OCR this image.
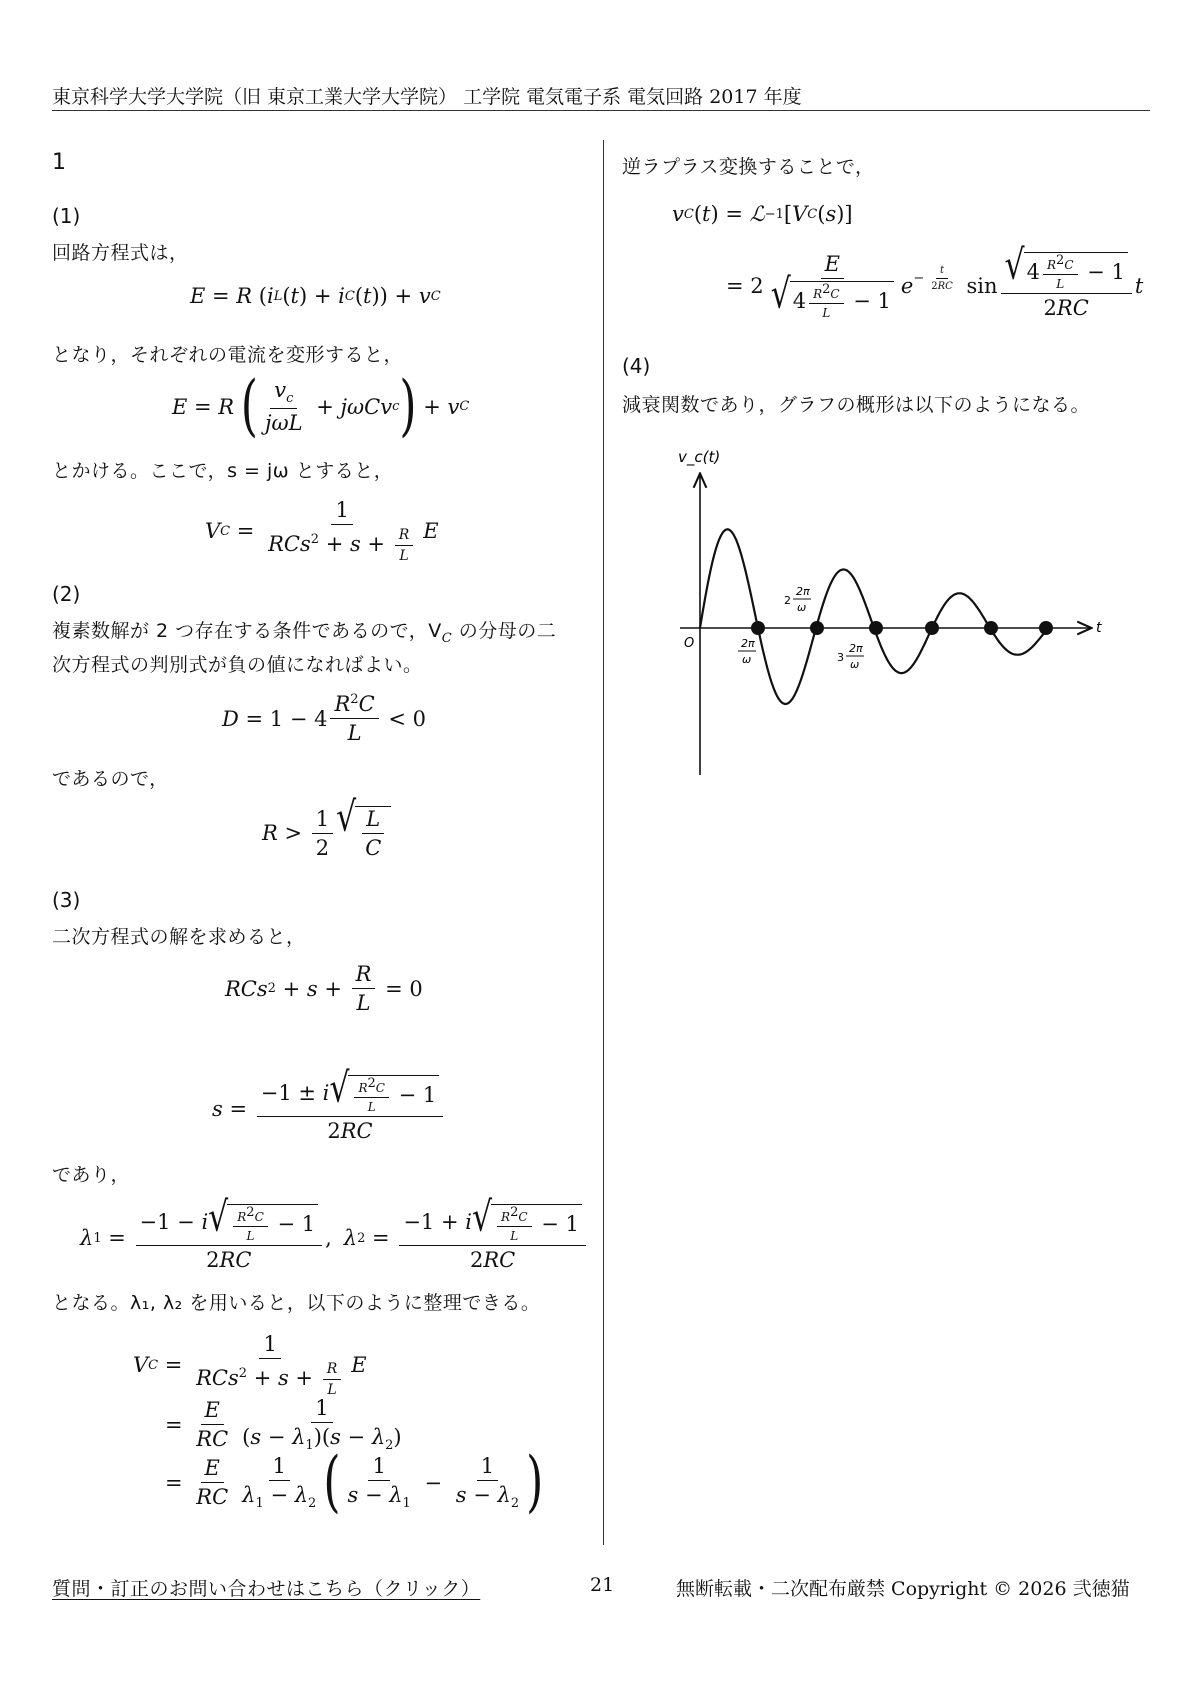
東京科学大学大学院（旧 東京工業大学大学院） 工学院 電気電子系 電気回路 2017 年度
1
(1)
回路方程式は，
E = R ( i L ( t ) + i C ( t )) + v C
となり，それぞれの電流を変形すると，
E = R
( $\frac{v_c}{\text{jωL}} + j\omega Cv$ c ) + v C
とかける。ここで，s = jω とすると，
V $C = \frac{1}{RCs^2 + s + \frac{R}{L}}$ E
(2)
複素数解が 2 つ存在する条件であるので，$V_C$ の分母の二
次方程式の判別式が負の値になればよい。
$D = 1 - 4 \frac{R^2C}{L} < 0$
であるので，
$R > \frac{1}{2}$ √ $\frac{L}{C}$
(3)
二次方程式の解を求めると，
RCs $2 + s + \frac{R}{L} = 0$
$s = \frac{-1 \pm i √ \frac{R^2C}{L} - 1}{2RC}$
であり，
λ $1 = \frac{-1 - i √ \frac{R^2C}{L} - 1}{2RC}$ , λ $2 = \frac{-1 + i √ \frac{R^2C}{L} - 1}{2RC}$
となる。λ₁, λ₂ を用いると，以下のように整理できる。
V $C = \frac{1}{RCs^2 + s + \frac{R}{L}}$ E
= $\frac{E}{RC} \frac{1}{(s - \lambda_1)(s - \lambda_2)}$
= $\frac{E}{RC} \frac{1}{\lambda_1 - \lambda_2}$ ( $\frac{1}{s - \lambda_1} - \frac{1}{s - \lambda_2}$ )
逆ラプラス変換することで，
v C ( t ) = ℒ −1 [ V C ( s )]
= $2 \frac{E}{√ 4 \frac{R^2C}{L} - 1} e^{- \frac{t}{2RC}}$ $\sin \frac{√ 4 \frac{R^2C}{L} - 1}{2RC}$ t
(4)
減衰関数であり，グラフの概形は以下のようになる。
v_c(t)
t
O	2π
ω
2
2π
ω
3
2π
ω
質問・訂正のお問い合わせはこちら（クリック）	21	無断転載・二次配布厳禁 Copyright © 2026 弐徳猫
